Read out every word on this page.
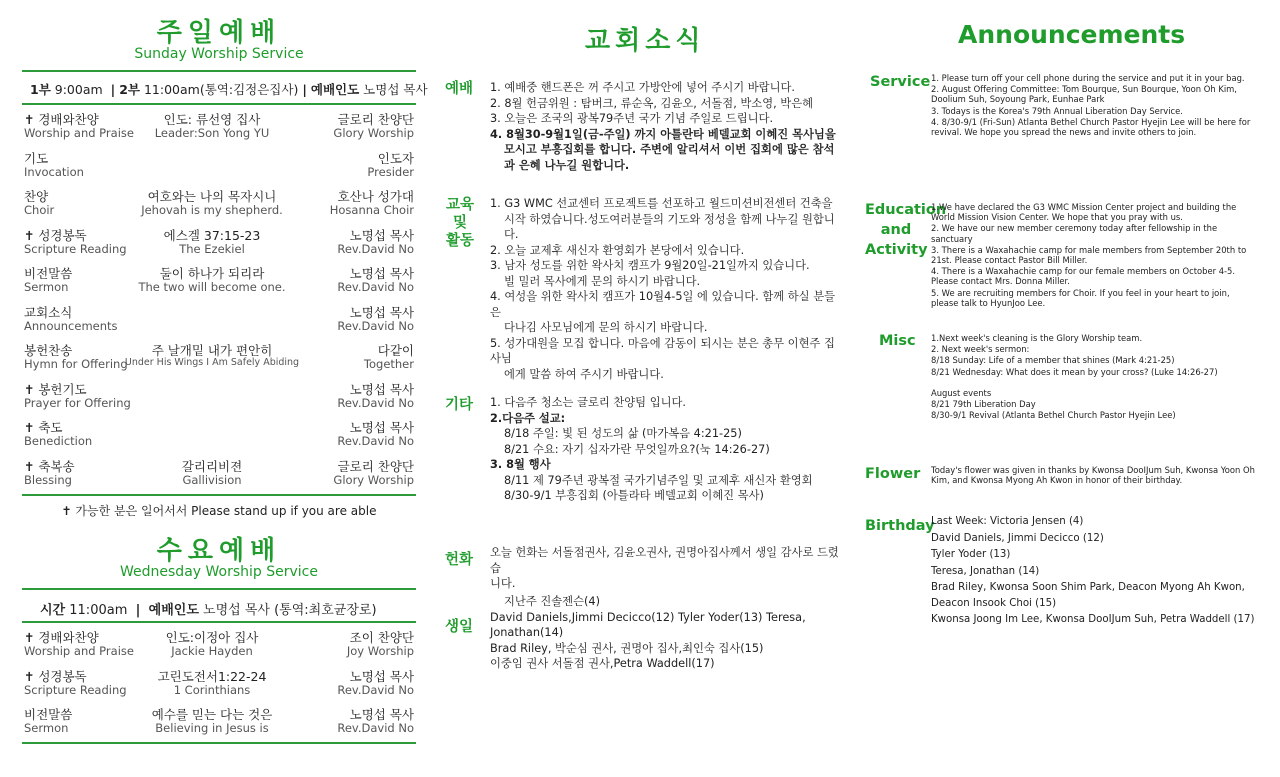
주일예배
Sunday Worship Service
1부 9:00am | 2부 11:00am(통역:김정은집사) | 예배인도 노명섭 목사
✝ 경배와찬양
Worship and Praise
인도: 류선영 집사
Leader:Son Yong YU
글로리 찬양단
Glory Worship
기도
Invocation
인도자
Presider
찬양
Choir
여호와는 나의 목자시니
Jehovah is my shepherd.
호산나 성가대
Hosanna Choir
✝ 성경봉독
Scripture Reading
에스겔 37:15-23
The Ezekiel
노명섭 목사
Rev.David No
비전말씀
Sermon
둘이 하나가 되리라
The two will become one.
노명섭 목사
Rev.David No
교회소식
Announcements
노명섭 목사
Rev.David No
봉헌찬송
Hymn for Offering
주 날개밑 내가 편안히

Under His Wings I Am Safely Abiding
다같이
Together
✝ 봉헌기도
Prayer for Offering
노명섭 목사
Rev.David No
✝ 축도
Benediction
노명섭 목사
Rev.David No
✝ 축복송
Blessing
갈리리비젼
Gallivision
글로리 찬양단
Glory Worship
✝ 가능한 분은 일어서서 Please stand up if you are able
수요예배
Wednesday Worship Service
시간 11:00am | 예배인도 노명섭 목사 (통역:최호균장로)
✝ 경배와찬양
Worship and Praise
인도:이정아 집사
Jackie Hayden
조이 찬양단
Joy Worship
✝ 성경봉독
Scripture Reading
고린도전서1:22-24
1 Corinthians
노명섭 목사
Rev.David No
비전말씀
Sermon
예수를 믿는 다는 것은
Believing in Jesus is
노명섭 목사
Rev.David No
교회소식
예배 1. 예배중 핸드폰은 꺼 주시고 가방안에 넣어 주시기 바랍니다.
2. 8월 헌금위원 : 탐버크, 류순옥, 김윤오, 서돌점, 박소영, 박은혜
3. 오늘은 조국의 광복79주년 국가 기념 주일로 드립니다.
4. 8월30-9월1일(금-주일) 까지 아틀란타 베델교회 이혜진 목사님을
모시고 부흥집회를 합니다. 주변에 알리셔서 이번 집회에 많은 참석
과 은혜 나누길 원합니다.
교육
및
활동
1. G3 WMC 선교센터 프로젝트를 선포하고 월드미션비전센터 건축을
시작 하였습니다.성도여러분들의 기도와 정성을 함께 나누길 원합니다.
2. 오늘 교제후 새신자 환영회가 본당에서 있습니다.
3. 남자 성도를 위한 왁사치 캠프가 9월20일-21일까지 있습니다.
빌 밀러 목사에게 문의 하시기 바랍니다.
4. 여성을 위한 왁사치 캠프가 10월4-5일 에 있습니다. 함께 하실 분들은
다나김 사모님에게 문의 하시기 바랍니다.
5. 성가대원을 모집 합니다. 마음에 감동이 되시는 분은 총무 이현주 집사님
에게 말씀 하여 주시기 바랍니다.
기타 1. 다음주 청소는 글로리 찬양팀 입니다.
2.다음주 설교:
8/18 주일: 빛 된 성도의 삶 (마가복음 4:21-25)
8/21 수요: 자기 십자가란 무엇일까요?(눅 14:26-27)
3. 8월 행사
8/11 제 79주년 광복절 국가기념주일 및 교제후 새신자 환영회
8/30-9/1 부흥집회 (아틀라타 베델교회 이혜진 목사)
헌화 오늘 헌화는 서돌점권사, 김윤오권사, 권명아집사께서 생일 감사로 드렸습
니다.
생일
지난주 진솔젠슨(4)
David Daniels,Jimmi Decicco(12) Tyler Yoder(13) Teresa, Jonathan(14)
Brad Riley, 박순심 권사, 권명아 집사,최인숙 집사(15)
이중임 권사 서돌점 권사,Petra Waddell(17)
Announcements
Service 1. Please turn off your cell phone during the service and put it in your bag.
2. August Offering Committee: Tom Bourque, Sun Bourque, Yoon Oh Kim, Doolium Suh, Soyoung Park, Eunhae Park
3. Todays is the Korea's 79th Annual Liberation Day Service.
4. 8/30-9/1 (Fri-Sun) Atlanta Bethel Church Pastor Hyejin Lee will be here for revival. We hope you spread the news and invite others to join.
Education
and
Activity
1.We have declared the G3 WMC Mission Center project and building the World Mission Vision Center. We hope that you pray with us.
2. We have our new member ceremony today after fellowship in the sanctuary
3. There is a Waxahachie camp for male members from September 20th to 21st. Please contact Pastor Bill Miller.
4. There is a Waxahachie camp for our female members on October 4-5. Please contact Mrs. Donna Miller.
5. We are recruiting members for Choir. If you feel in your heart to join, please talk to HyunJoo Lee.
Misc 1.Next week's cleaning is the Glory Worship team.
2. Next week's sermon:
8/18 Sunday: Life of a member that shines (Mark 4:21-25)
8/21 Wednesday: What does it mean by your cross? (Luke 14:26-27)
August events
8/21 79th Liberation Day
8/30-9/1 Revival (Atlanta Bethel Church Pastor Hyejin Lee)
Flower Today's flower was given in thanks by Kwonsa DooIJum Suh, Kwonsa Yoon Oh Kim, and Kwonsa Myong Ah Kwon in honor of their birthday.
Birthday
Last Week: Victoria Jensen (4)
David Daniels, Jimmi Decicco (12)
Tyler Yoder (13)
Teresa, Jonathan (14)
Brad Riley, Kwonsa Soon Shim Park, Deacon Myong Ah Kwon, Deacon Insook Choi (15)
Kwonsa Joong Im Lee, Kwonsa DooIJum Suh, Petra Waddell (17)
